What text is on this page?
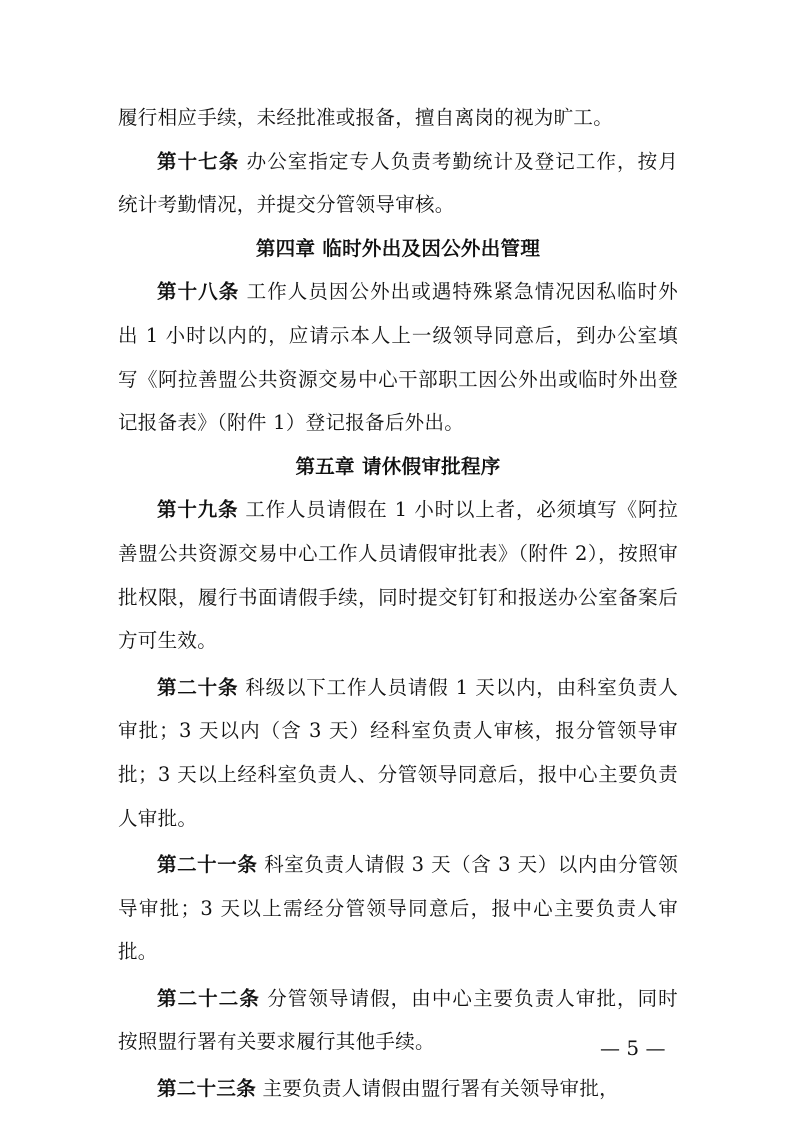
履行相应手续，未经批准或报备，擅自离岗的视为旷工。

第十七条 办公室指定专人负责考勤统计及登记工作，按月统计考勤情况，并提交分管领导审核。

第四章 临时外出及因公外出管理

第十八条 工作人员因公外出或遇特殊紧急情况因私临时外出 1 小时以内的，应请示本人上一级领导同意后，到办公室填写《阿拉善盟公共资源交易中心干部职工因公外出或临时外出登记报备表》（附件 1）登记报备后外出。

第五章 请休假审批程序

第十九条 工作人员请假在 1 小时以上者，必须填写《阿拉善盟公共资源交易中心工作人员请假审批表》（附件 2），按照审批权限，履行书面请假手续，同时提交钉钉和报送办公室备案后方可生效。

第二十条 科级以下工作人员请假 1 天以内，由科室负责人审批；3 天以内（含 3 天）经科室负责人审核，报分管领导审批；3 天以上经科室负责人、分管领导同意后，报中心主要负责人审批。

第二十一条 科室负责人请假 3 天（含 3 天）以内由分管领导审批；3 天以上需经分管领导同意后，报中心主要负责人审批。

第二十二条 分管领导请假，由中心主要负责人审批，同时按照盟行署有关要求履行其他手续。

第二十三条 主要负责人请假由盟行署有关领导审批，

— 5 —
